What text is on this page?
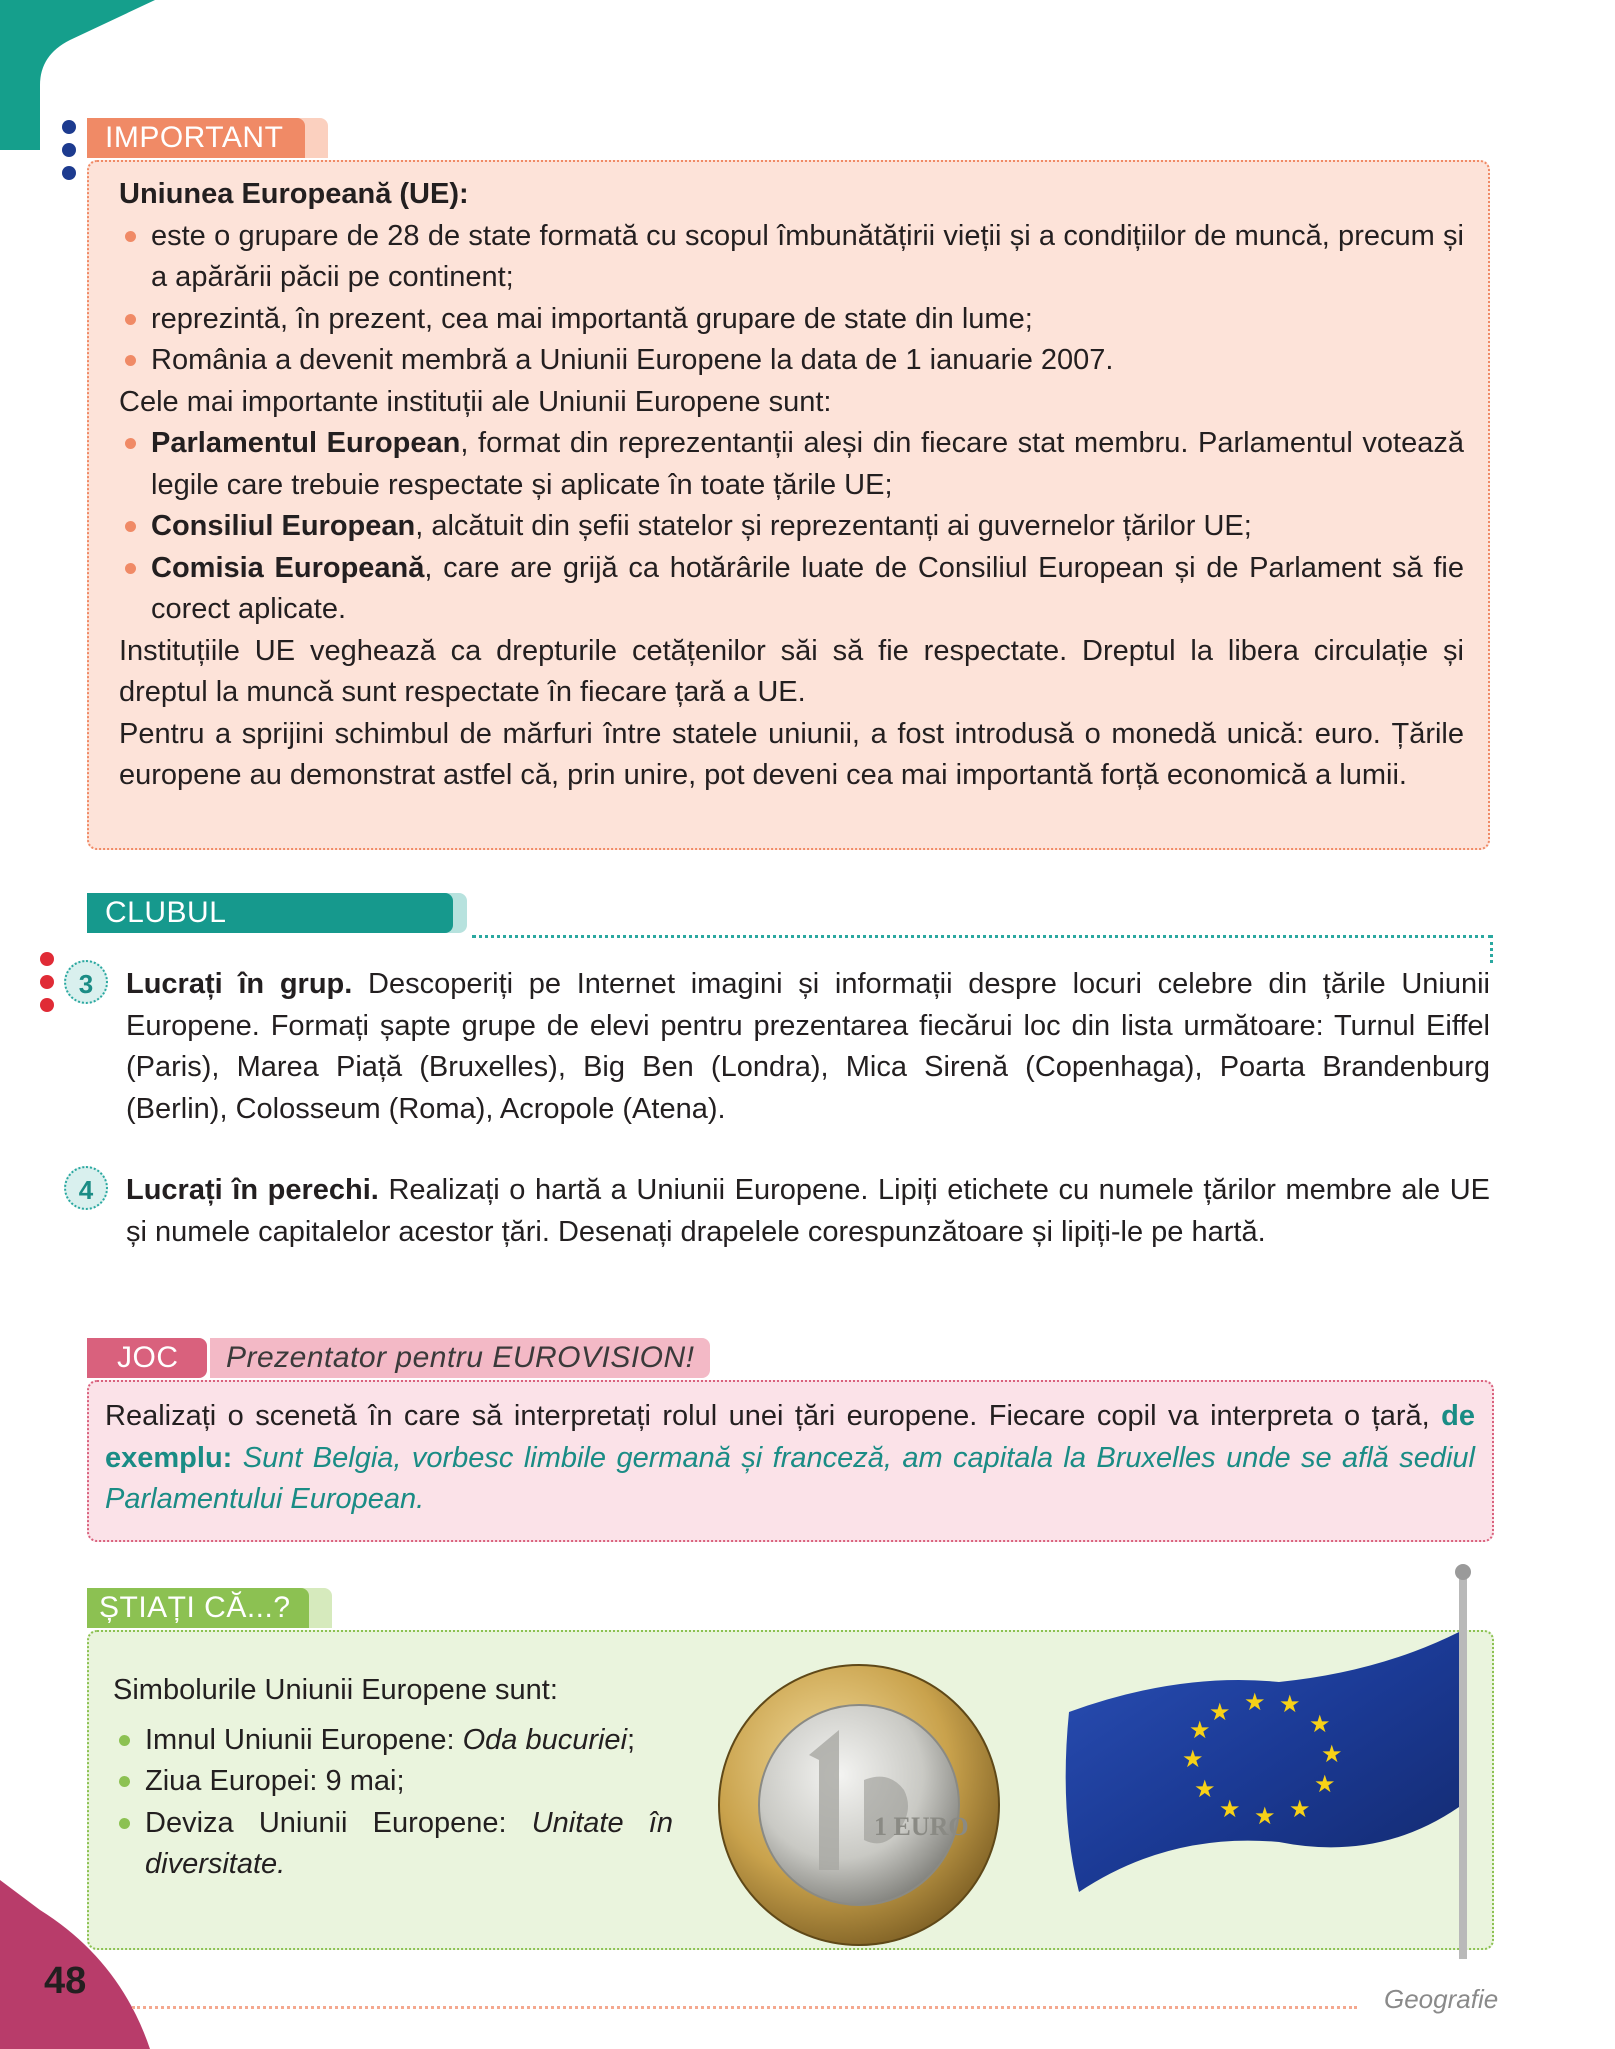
IMPORTANT
Uniunea Europeană (UE):
este o grupare de 28 de state formată cu scopul îmbunătățirii vieții și a condițiilor de muncă, precum și a apărării păcii pe continent;
reprezintă, în prezent, cea mai importantă grupare de state din lume;
România a devenit membră a Uniunii Europene la data de 1 ianuarie 2007.
Cele mai importante instituții ale Uniunii Europene sunt:
Parlamentul European, format din reprezentanții aleși din fiecare stat membru. Parlamentul votează legile care trebuie respectate și aplicate în toate țările UE;
Consiliul European, alcătuit din șefii statelor și reprezentanți ai guvernelor țărilor UE;
Comisia Europeană, care are grijă ca hotărârile luate de Consiliul European și de Parlament să fie corect aplicate.

Instituțiile UE veghează ca drepturile cetățenilor săi să fie respectate. Dreptul la libera circulație și dreptul la muncă sunt respectate în fiecare țară a UE.

Pentru a sprijini schimbul de mărfuri între statele uniunii, a fost introdusă o monedă unică: euro. Țările europene au demonstrat astfel că, prin unire, pot deveni cea mai importantă forță economică a lumii.

CLUBUL GEOGRAFILOR
3	Lucrați în grup. Descoperiți pe Internet imagini și informații despre locuri celebre din țările Uniunii Europene. Formați șapte grupe de elevi pentru prezentarea fiecărui loc din lista următoare: Turnul Eiffel (Paris), Marea Piață (Bruxelles), Big Ben (Londra), Mica Sirenă (Copenhaga), Poarta Brandenburg (Berlin), Colosseum (Roma), Acropole (Atena).
4	Lucrați în perechi. Realizați o hartă a Uniunii Europene. Lipiți etichete cu numele țărilor membre ale UE și numele capitalelor acestor țări. Desenați drapelele corespunzătoare și lipiți-le pe hartă.
Prezentator pentru EUROVISION!
JOC
Realizați o scenetă în care să interpretați rolul unei țări europene. Fiecare copil va interpreta o țară, de exemplu: Sunt Belgia, vorbesc limbile germană și franceză, am capitala la Bruxelles unde se află sediul Parlamentului European.
ȘTIAȚI CĂ...?
Simbolurile Uniunii Europene sunt:
Imnul Uniunii Europene: Oda bucuriei;
Ziua Europei: 9 mai;
Deviza Uniunii Europene: Unitate în diversitate.
1 EURO
★ ★ ★
★
★
★
★
★
★
★
★
★
48	Geografie
